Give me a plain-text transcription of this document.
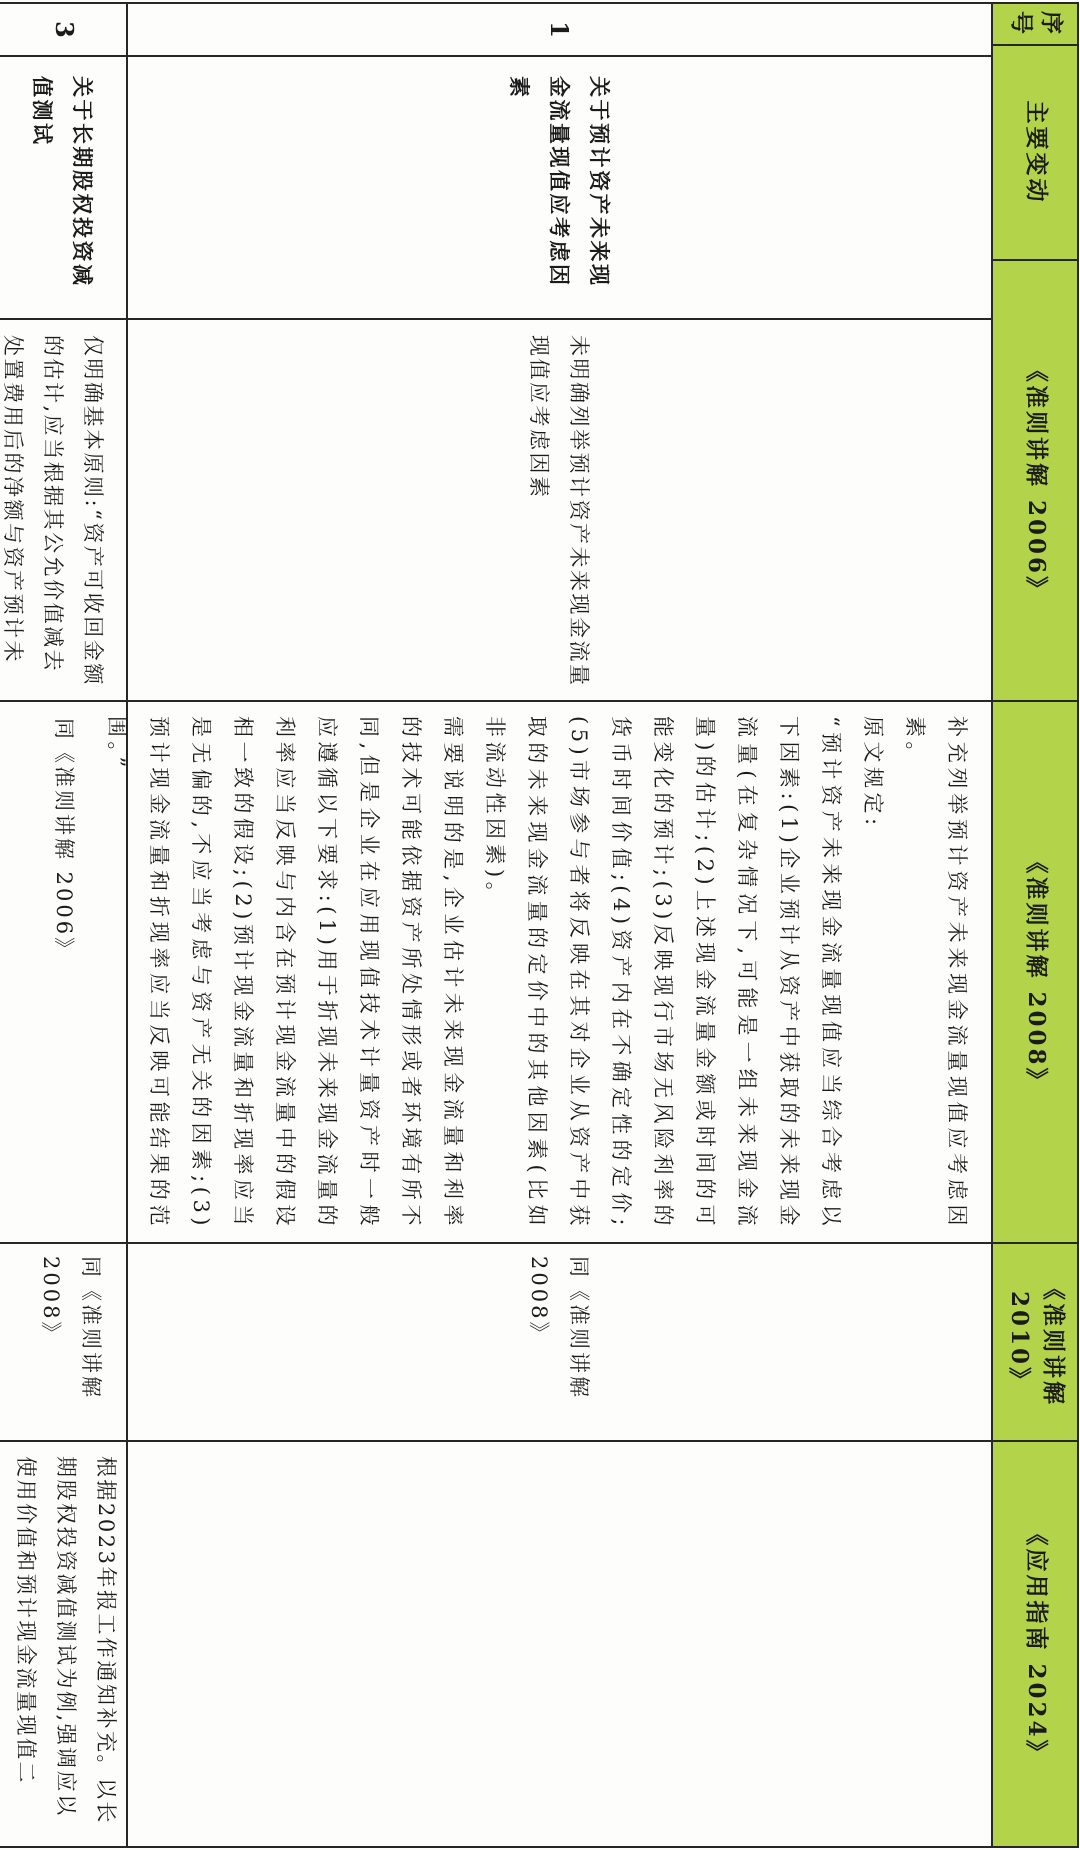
序号
主要变动
《准则讲解 2006》
《准则讲解 2008》
《准则讲解 2010》
《应用指南 2024》
1
关于预计资产未来现金流量现值应考虑因素
未明确列举预计资产未来现金流量现值应考虑因素

补充列举预计资产未来现金流量现值应考虑因素。

原文规定:

“预计资产未来现金流量现值应当综合考虑以下因素:(1)企业预计从资产中获取的未来现金流量(在复杂情况下,可能是一组未来现金流量)的估计;(2)上述现金流量金额或时间的可能变化的预计;(3)反映现行市场无风险利率的货币时间价值;(4)资产内在不确定性的定价;(5)市场参与者将反映在其对企业从资产中获取的未来现金流量的定价中的其他因素(比如非流动性因素)。

需要说明的是,企业估计未来现金流量和利率的技术可能依据资产所处情形或者环境有所不同,但是企业在应用现值技术计量资产时一般应遵循以下要求:(1)用于折现未来现金流量的利率应当反映与内含在预计现金流量中的假设相一致的假设;(2)预计现金流量和折现率应当是无偏的,不应当考虑与资产无关的因素;(3)预计现金流量和折现率应当反映可能结果的范围。”

同《准则讲解 2008》
3
关于长期股权投资减值测试
仅明确基本原则:“资产可收回金额的估计,应当根据其公允价值减去处置费用后的净额与资产预计未
同《准则讲解 2006》
同《准则讲解 2008》
根据2023年报工作通知补充。以长期股权投资减值测试为例,强调应以使用价值和预计现金流量现值二
